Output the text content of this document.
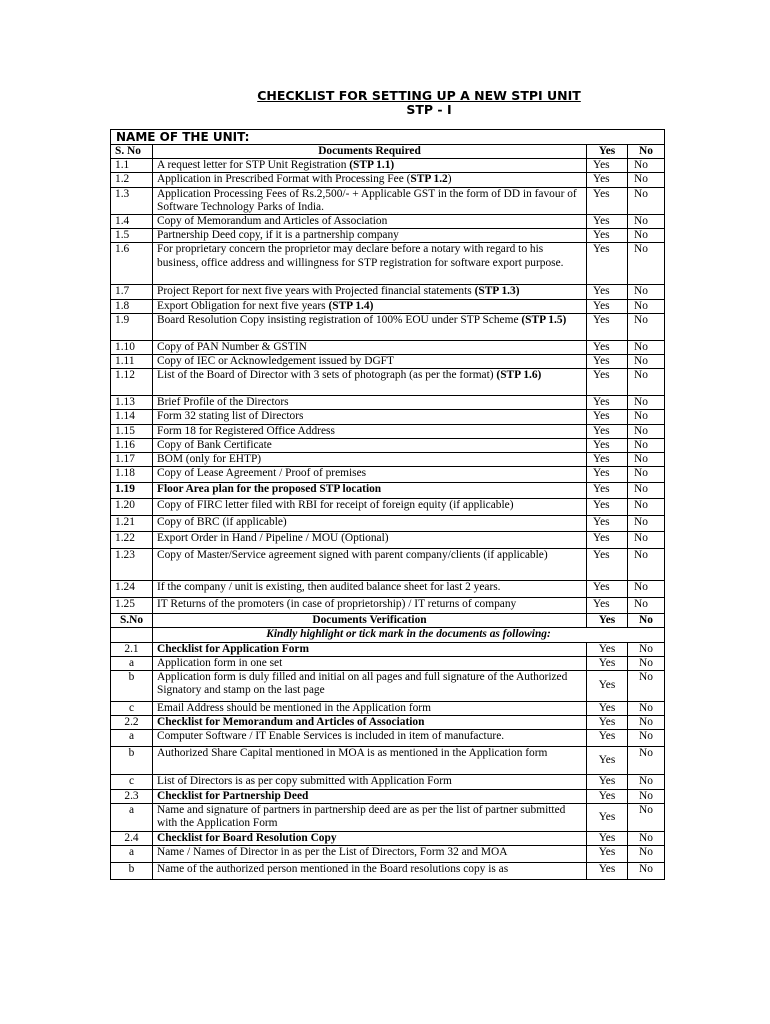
CHECKLIST FOR SETTING UP A NEW STPI UNIT
STP - I
NAME OF THE UNIT:			
S. No	Documents Required	Yes	No
1.1	A request letter for STP Unit Registration (STP 1.1)	Yes	No
1.2	Application in Prescribed Format with Processing Fee (STP 1.2)	Yes	No
1.3	Application Processing Fees of Rs.2,500/- + Applicable GST in the form of DD in favour of Software Technology Parks of India.	Yes	No
1.4	Copy of Memorandum and Articles of Association	Yes	No
1.5	Partnership Deed copy, if it is a partnership company	Yes	No
1.6	For proprietary concern the proprietor may declare before a notary with regard to his business, office address and willingness for STP registration for software export purpose.	Yes	No
1.7	Project Report for next five years with Projected financial statements (STP 1.3)	Yes	No
1.8	Export Obligation for next five years (STP 1.4)	Yes	No
1.9	Board Resolution Copy insisting registration of 100% EOU under STP Scheme (STP 1.5)	Yes	No
1.10	Copy of PAN Number & GSTIN	Yes	No
1.11	Copy of IEC or Acknowledgement issued by DGFT	Yes	No
1.12	List of the Board of Director with 3 sets of photograph (as per the format) (STP 1.6)	Yes	No
1.13	Brief Profile of the Directors	Yes	No
1.14	Form 32 stating list of Directors	Yes	No
1.15	Form 18 for Registered Office Address	Yes	No
1.16	Copy of Bank Certificate	Yes	No
1.17	BOM (only for EHTP)	Yes	No
1.18	Copy of Lease Agreement / Proof of premises	Yes	No
1.19	Floor Area plan for the proposed STP location	Yes	No
1.20	Copy of FIRC letter filed with RBI for receipt of foreign equity (if applicable)	Yes	No
1.21	Copy of BRC (if applicable)	Yes	No
1.22	Export Order in Hand / Pipeline / MOU (Optional)	Yes	No
1.23	Copy of Master/Service agreement signed with parent company/clients (if applicable)	Yes	No
1.24	If the company / unit is existing, then audited balance sheet for last 2 years.	Yes	No
1.25	IT Returns of the promoters (in case of proprietorship) / IT returns of company	Yes	No
S.No	Documents Verification	Yes	No
	Kindly highlight or tick mark in the documents as following:		
2.1	Checklist for Application Form	Yes	No
a	Application form in one set	Yes	No
b	Application form is duly filled and initial on all pages and full signature of the Authorized Signatory and stamp on the last page	Yes	No
c	Email Address should be mentioned in the Application form	Yes	No
2.2	Checklist for Memorandum and Articles of Association	Yes	No
a	Computer Software / IT Enable Services is included in item of manufacture.	Yes	No
b	Authorized Share Capital mentioned in MOA is as mentioned in the Application form	Yes	No
c	List of Directors is as per copy submitted with Application Form	Yes	No
2.3	Checklist for Partnership Deed	Yes	No
a	Name and signature of partners in partnership deed are as per the list of partner submitted with the Application Form	Yes	No
2.4	Checklist for Board Resolution Copy	Yes	No
a	Name / Names of Director in as per the List of Directors, Form 32 and MOA	Yes	No
b	Name of the authorized person mentioned in the Board resolutions copy is as	Yes	No
